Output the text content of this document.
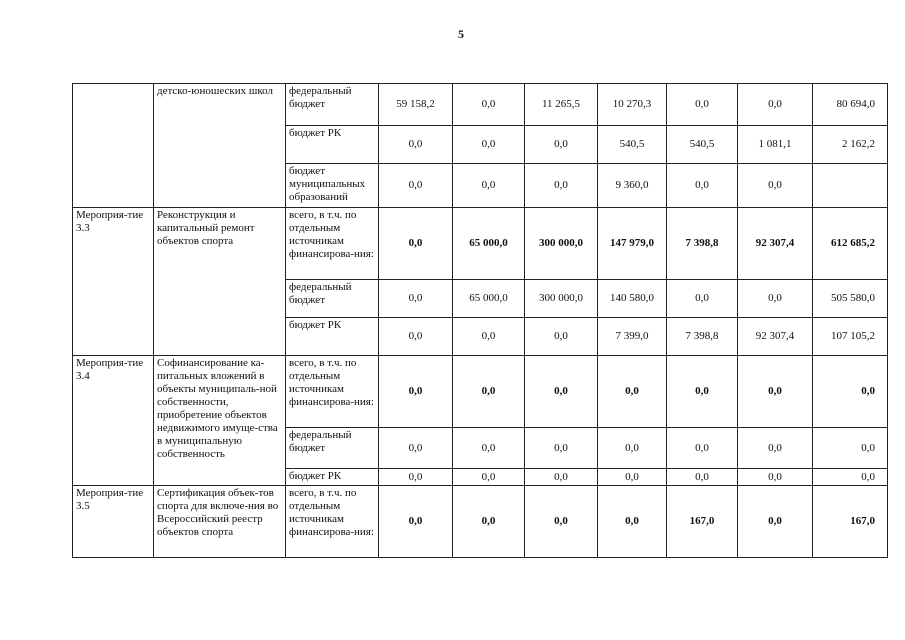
5
	детско-юношеских школ	федеральный бюджет	59 158,2	0,0	11 265,5	10 270,3	0,0	0,0	80 694,0
		бюджет РК	0,0	0,0	0,0	540,5	540,5	1 081,1	2 162,2
		бюджет муниципальных образований	0,0	0,0	0,0	9 360,0	0,0	0,0	
Мероприя-тие 3.3	Реконструкция и капитальный ремонт объектов спорта	всего, в т.ч. по отдельным источникам финансирова-ния:	0,0	65 000,0	300 000,0	147 979,0	7 398,8	92 307,4	612 685,2
		федеральный бюджет	0,0	65 000,0	300 000,0	140 580,0	0,0	0,0	505 580,0
		бюджет РК	0,0	0,0	0,0	7 399,0	7 398,8	92 307,4	107 105,2
Мероприя-тие 3.4	Софинансирование ка-питальных вложений в объекты муниципаль-ной собственности, приобретение объектов недвижимого имуще-ства в муниципальную собственность	всего, в т.ч. по отдельным источникам финансирова-ния:	0,0	0,0	0,0	0,0	0,0	0,0	0,0
		федеральный бюджет	0,0	0,0	0,0	0,0	0,0	0,0	0,0
		бюджет РК	0,0	0,0	0,0	0,0	0,0	0,0	0,0
Мероприя-тие 3.5	Сертификация объек-тов спорта для включе-ния во Всероссийский реестр объектов спорта	всего, в т.ч. по отдельным источникам финансирова-ния:	0,0	0,0	0,0	0,0	167,0	0,0	167,0
